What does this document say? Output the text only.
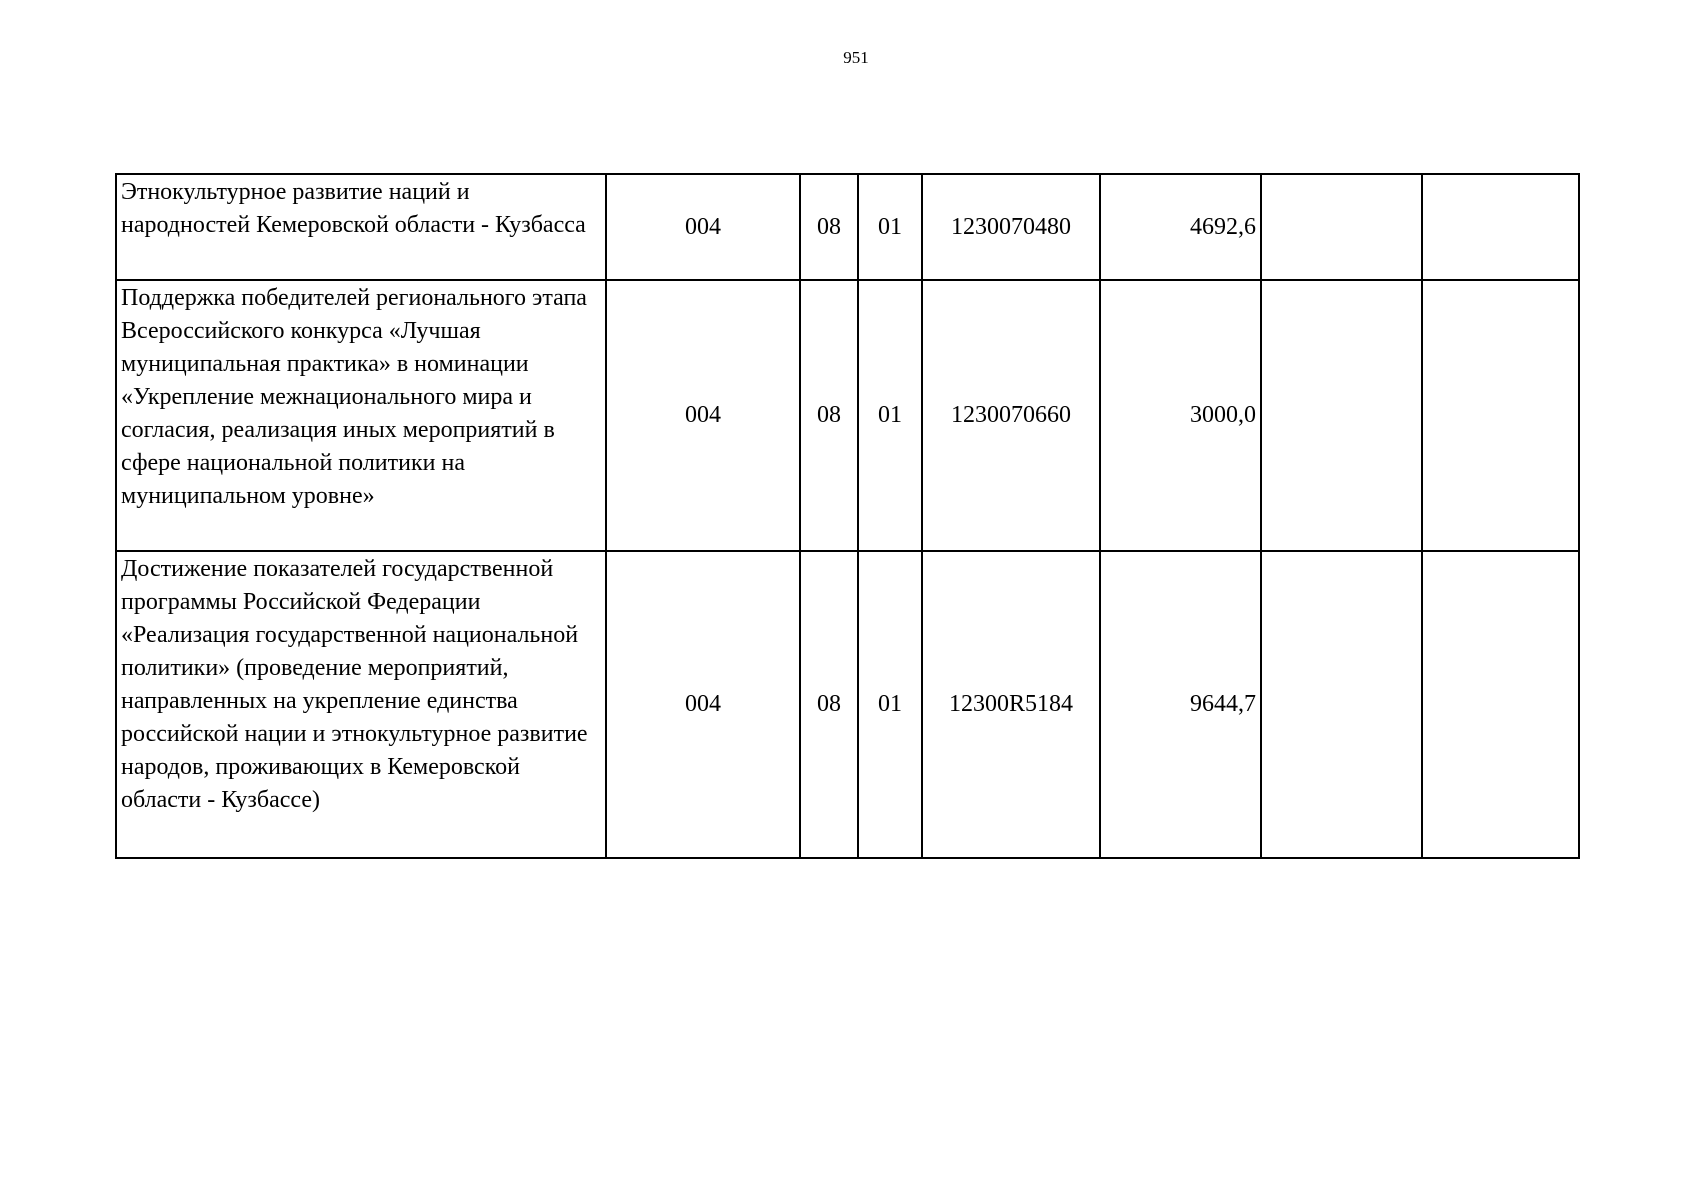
951
Этнокультурное развитие наций и народностей Кемеровской области - Кузбасса	004	08	01	1230070480	4692,6		
Поддержка победителей регионального этапа Всероссийского конкурса «Лучшая муниципальная практика» в номинации «Укрепление межнационального мира и согласия, реализация иных мероприятий в сфере национальной политики на муниципальном уровне»	004	08	01	1230070660	3000,0		
Достижение показателей государственной программы Российской Федерации «Реализация государственной национальной политики» (проведение мероприятий, направленных на укрепление единства российской нации и этнокультурное развитие народов, проживающих в Кемеровской области - Кузбассе)	004	08	01	12300R5184	9644,7		
